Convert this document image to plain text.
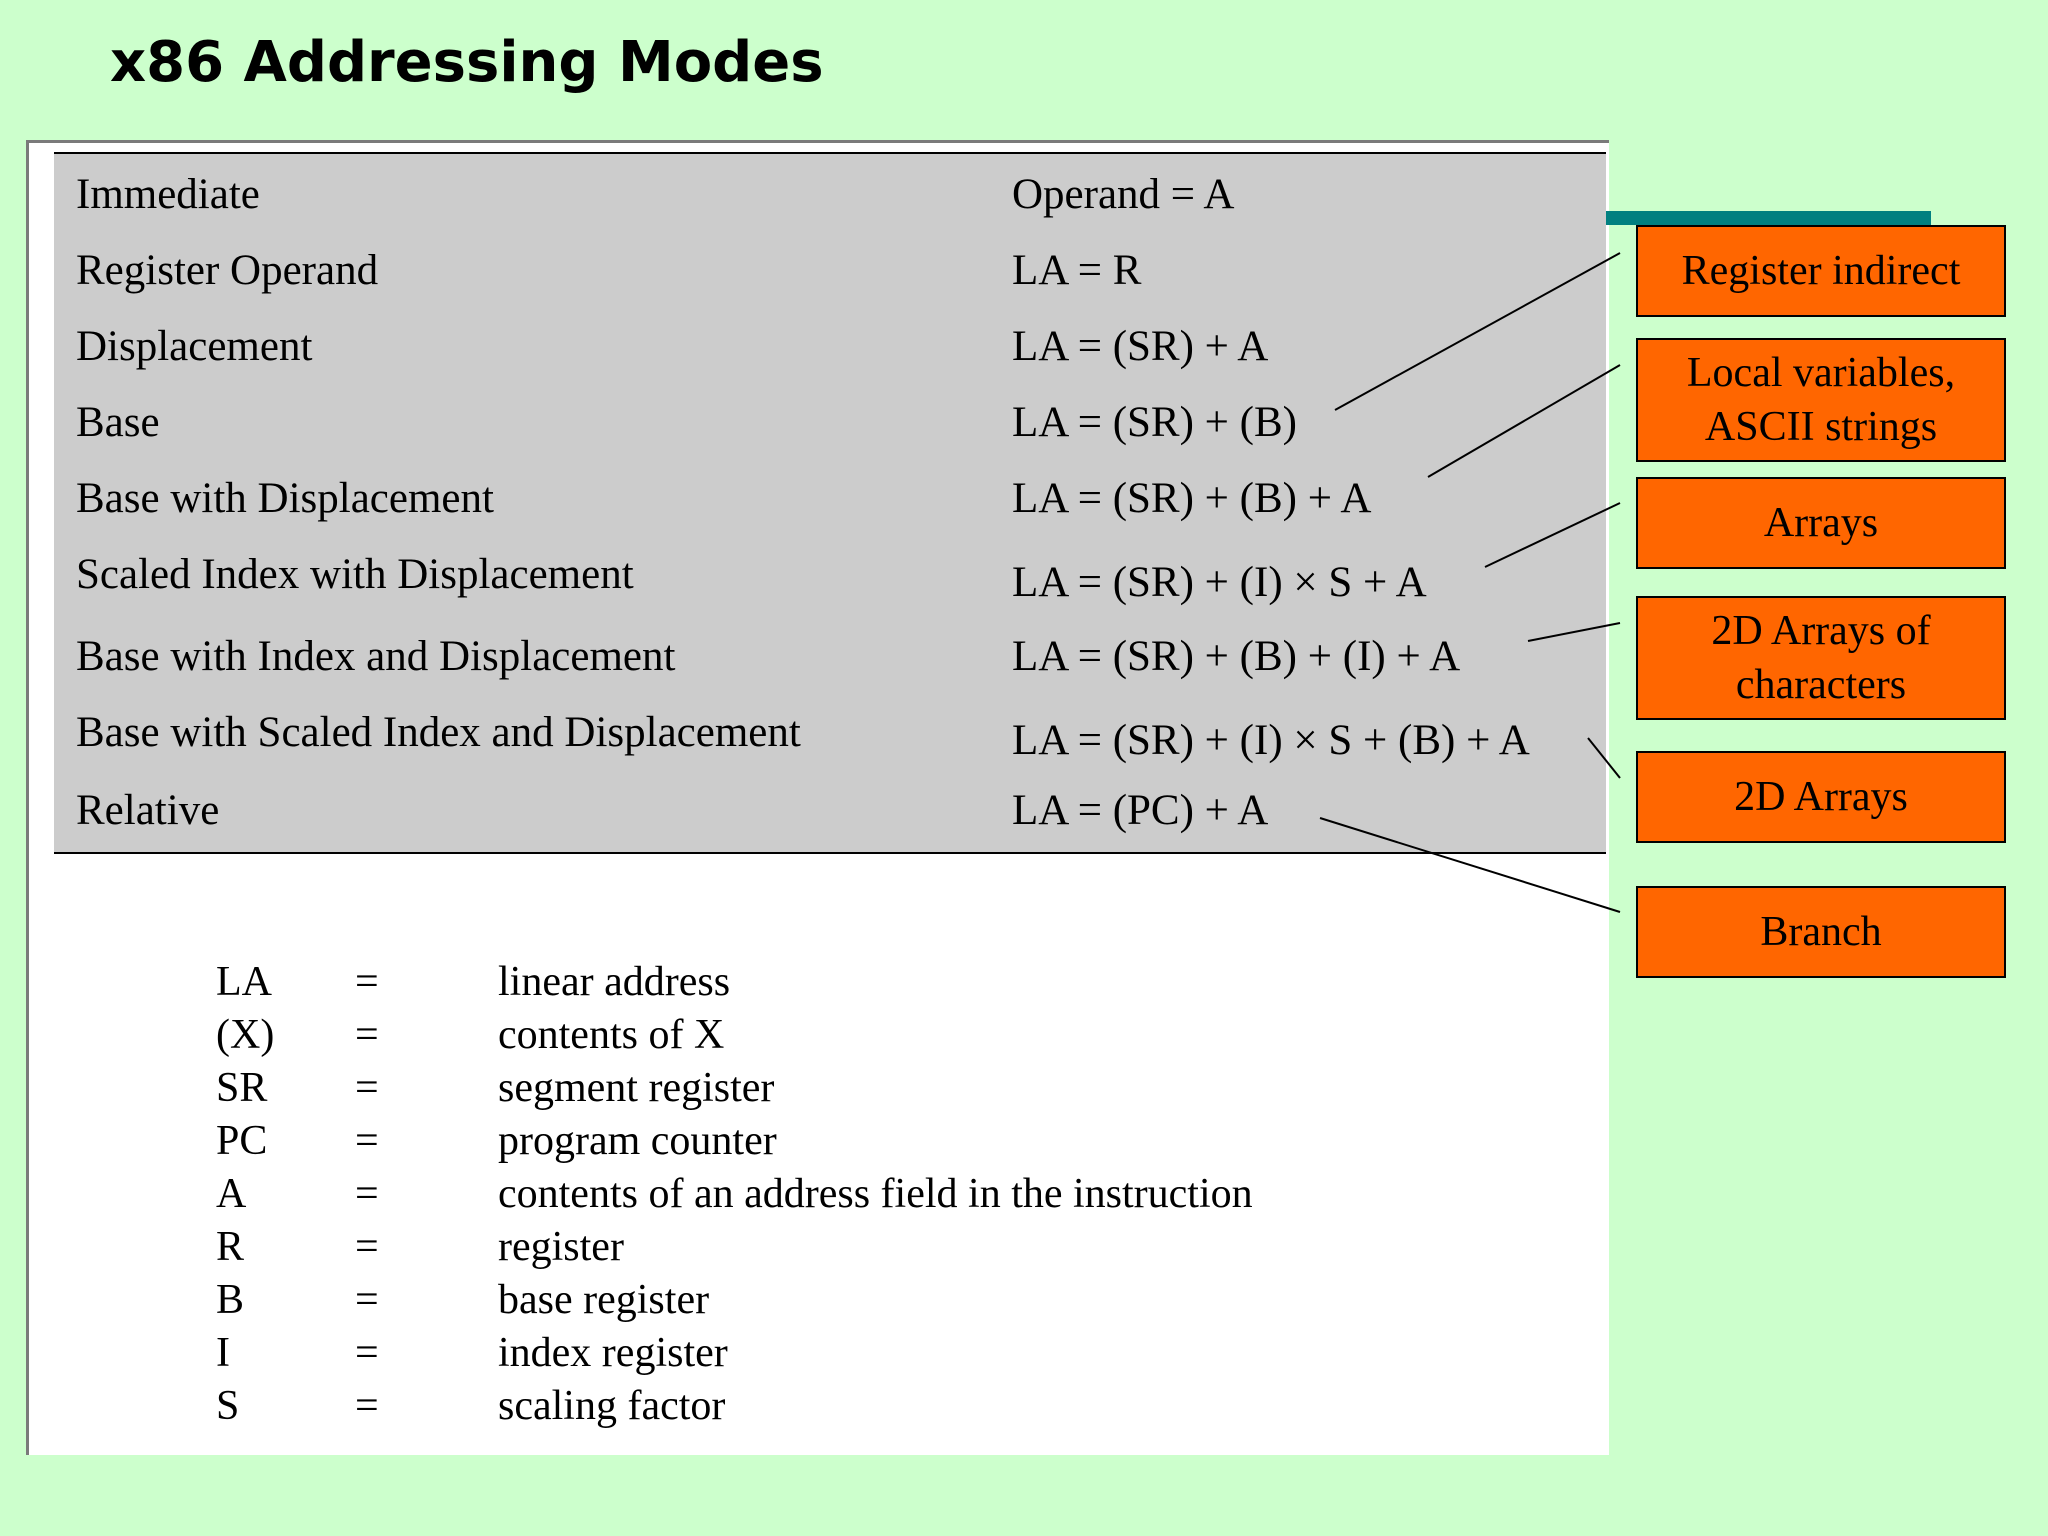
x86 Addressing Modes
Immediate	Operand = A
Register Operand	LA = R
Displacement	LA = (SR) + A
Base	LA = (SR) + (B)
Base with Displacement	LA = (SR) + (B) + A
Scaled Index with Displacement	LA = (SR) + (I) × S + A
Base with Index and Displacement	LA = (SR) + (B) + (I) + A
Base with Scaled Index and Displacement	LA = (SR) + (I) × S + (B) + A
Relative	LA = (PC) + A
Register indirect
Local variables,
ASCII strings
Arrays
2D Arrays of
characters
2D Arrays
Branch
LA =	linear address
(X) =	contents of X
SR =	segment register
PC =	program counter
A	=	contents of an address field in the instruction
R	=	register
B	=	base register
I	=	index register
S	=	scaling factor
